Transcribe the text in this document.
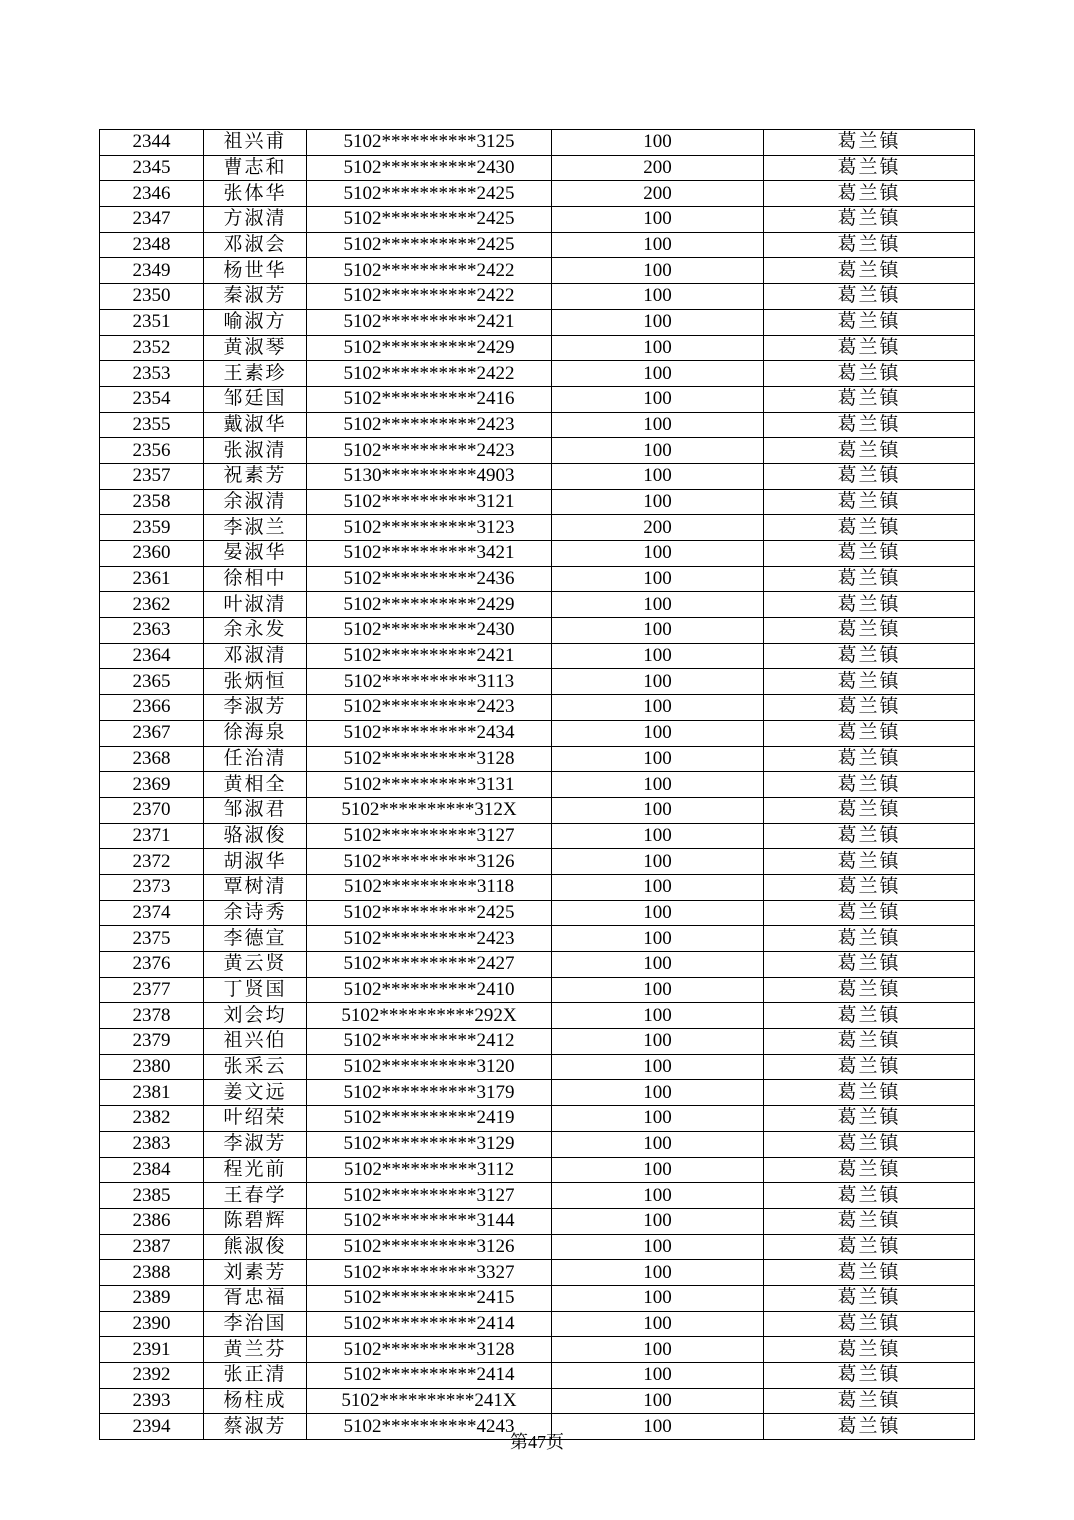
2344	祖兴甫	5102**********3125	100	葛兰镇
2345	曹志和	5102**********2430	200	葛兰镇
2346	张体华	5102**********2425	200	葛兰镇
2347	方淑清	5102**********2425	100	葛兰镇
2348	邓淑会	5102**********2425	100	葛兰镇
2349	杨世华	5102**********2422	100	葛兰镇
2350	秦淑芳	5102**********2422	100	葛兰镇
2351	喻淑方	5102**********2421	100	葛兰镇
2352	黄淑琴	5102**********2429	100	葛兰镇
2353	王素珍	5102**********2422	100	葛兰镇
2354	邹廷国	5102**********2416	100	葛兰镇
2355	戴淑华	5102**********2423	100	葛兰镇
2356	张淑清	5102**********2423	100	葛兰镇
2357	祝素芳	5130**********4903	100	葛兰镇
2358	余淑清	5102**********3121	100	葛兰镇
2359	李淑兰	5102**********3123	200	葛兰镇
2360	晏淑华	5102**********3421	100	葛兰镇
2361	徐相中	5102**********2436	100	葛兰镇
2362	叶淑清	5102**********2429	100	葛兰镇
2363	余永发	5102**********2430	100	葛兰镇
2364	邓淑清	5102**********2421	100	葛兰镇
2365	张炳恒	5102**********3113	100	葛兰镇
2366	李淑芳	5102**********2423	100	葛兰镇
2367	徐海泉	5102**********2434	100	葛兰镇
2368	任治清	5102**********3128	100	葛兰镇
2369	黄相全	5102**********3131	100	葛兰镇
2370	邹淑君	5102**********312X	100	葛兰镇
2371	骆淑俊	5102**********3127	100	葛兰镇
2372	胡淑华	5102**********3126	100	葛兰镇
2373	覃树清	5102**********3118	100	葛兰镇
2374	余诗秀	5102**********2425	100	葛兰镇
2375	李德宣	5102**********2423	100	葛兰镇
2376	黄云贤	5102**********2427	100	葛兰镇
2377	丁贤国	5102**********2410	100	葛兰镇
2378	刘会均	5102**********292X	100	葛兰镇
2379	祖兴伯	5102**********2412	100	葛兰镇
2380	张采云	5102**********3120	100	葛兰镇
2381	姜文远	5102**********3179	100	葛兰镇
2382	叶绍荣	5102**********2419	100	葛兰镇
2383	李淑芳	5102**********3129	100	葛兰镇
2384	程光前	5102**********3112	100	葛兰镇
2385	王春学	5102**********3127	100	葛兰镇
2386	陈碧辉	5102**********3144	100	葛兰镇
2387	熊淑俊	5102**********3126	100	葛兰镇
2388	刘素芳	5102**********3327	100	葛兰镇
2389	胥忠福	5102**********2415	100	葛兰镇
2390	李治国	5102**********2414	100	葛兰镇
2391	黄兰芬	5102**********3128	100	葛兰镇
2392	张正清	5102**********2414	100	葛兰镇
2393	杨柱成	5102**********241X	100	葛兰镇
2394	蔡淑芳	5102**********4243	100	葛兰镇
第47页
